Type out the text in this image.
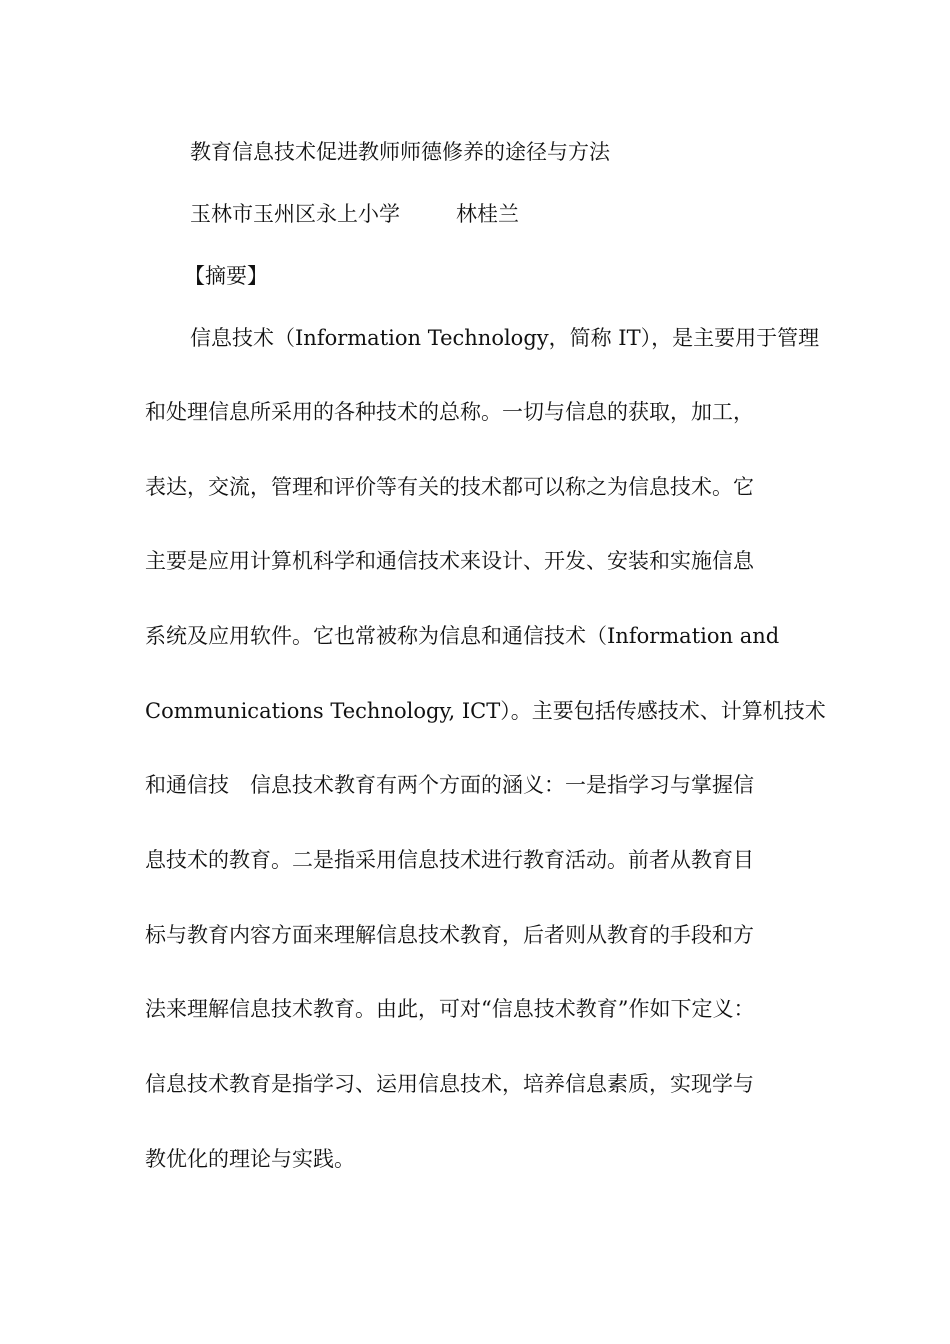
教育信息技术促进教师师德修养的途径与方法
玉林市玉州区永上小学	林桂兰
【摘要】
信息技术（Information Technology，简称 IT），是主要用于管理
和处理信息所采用的各种技术的总称。一切与信息的获取，加工，
表达，交流，管理和评价等有关的技术都可以称之为信息技术。它
主要是应用计算机科学和通信技术来设计、开发、安装和实施信息
系统及应用软件。它也常被称为信息和通信技术（Information and
Communications Technology, ICT）。主要包括传感技术、计算机技术
和通信技　信息技术教育有两个方面的涵义：一是指学习与掌握信
息技术的教育。二是指采用信息技术进行教育活动。前者从教育目
标与教育内容方面来理解信息技术教育，后者则从教育的手段和方
法来理解信息技术教育。由此，可对“信息技术教育”作如下定义：
信息技术教育是指学习、运用信息技术，培养信息素质，实现学与
教优化的理论与实践。
